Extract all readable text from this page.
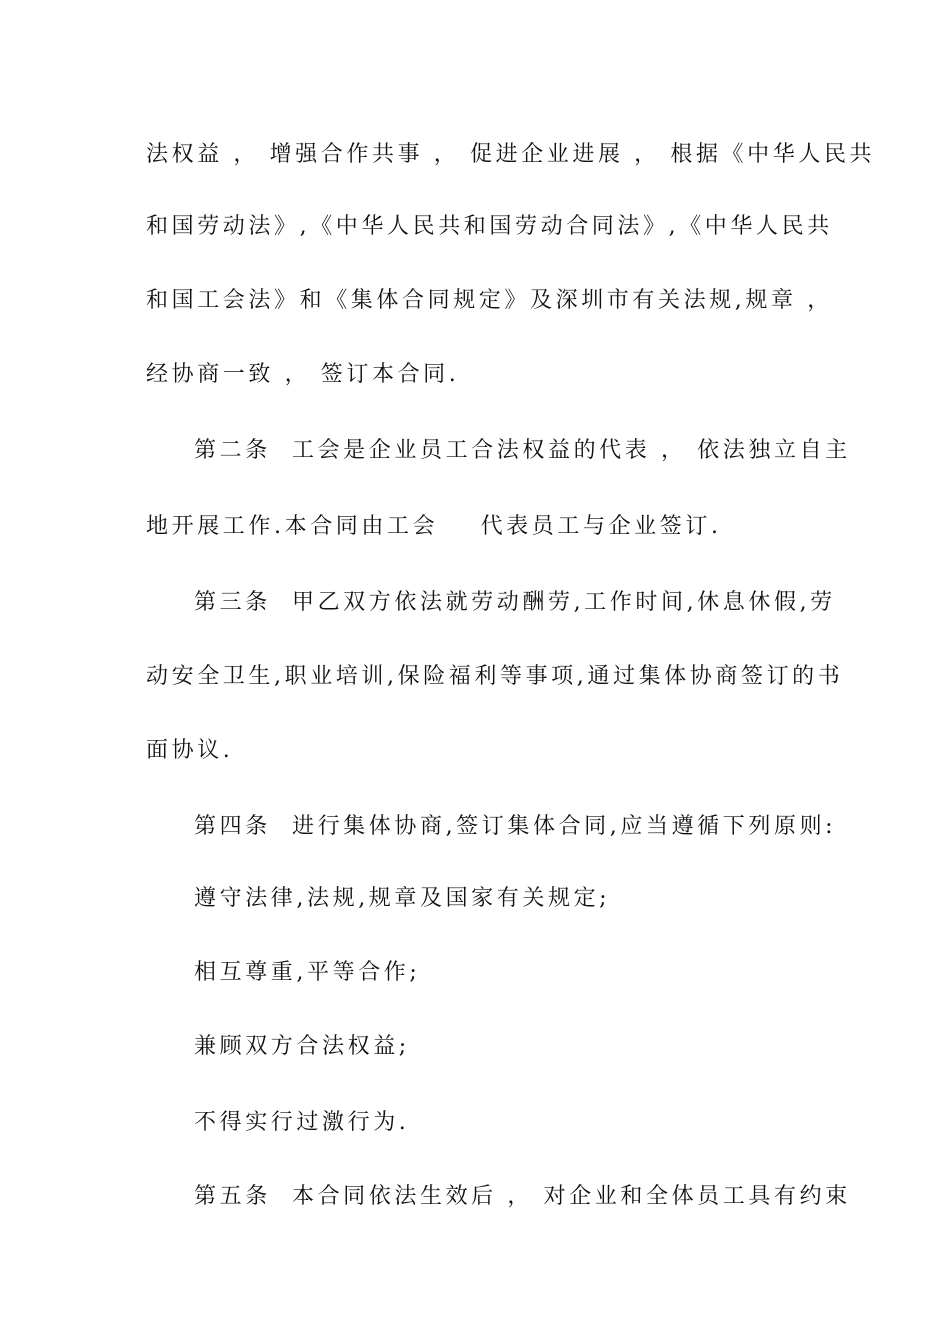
法权益 ， 增强合作共事 ， 促进企业进展 ， 根据《中华人民共
和国劳动法》,《中华人民共和国劳动合同法》,《中华人民共
和国工会法》和《集体合同规定》及深圳市有关法规,规章 ，
经协商一致 ， 签订本合同.
第二条  工会是企业员工合法权益的代表 ， 依法独立自主
地开展工作.本合同由工会    代表员工与企业签订.
第三条  甲乙双方依法就劳动酬劳,工作时间,休息休假,劳
动安全卫生,职业培训,保险福利等事项,通过集体协商签订的书
面协议.
第四条  进行集体协商,签订集体合同,应当遵循下列原则:
遵守法律,法规,规章及国家有关规定;
相互尊重,平等合作;
兼顾双方合法权益;
不得实行过激行为.
第五条  本合同依法生效后 ， 对企业和全体员工具有约束
